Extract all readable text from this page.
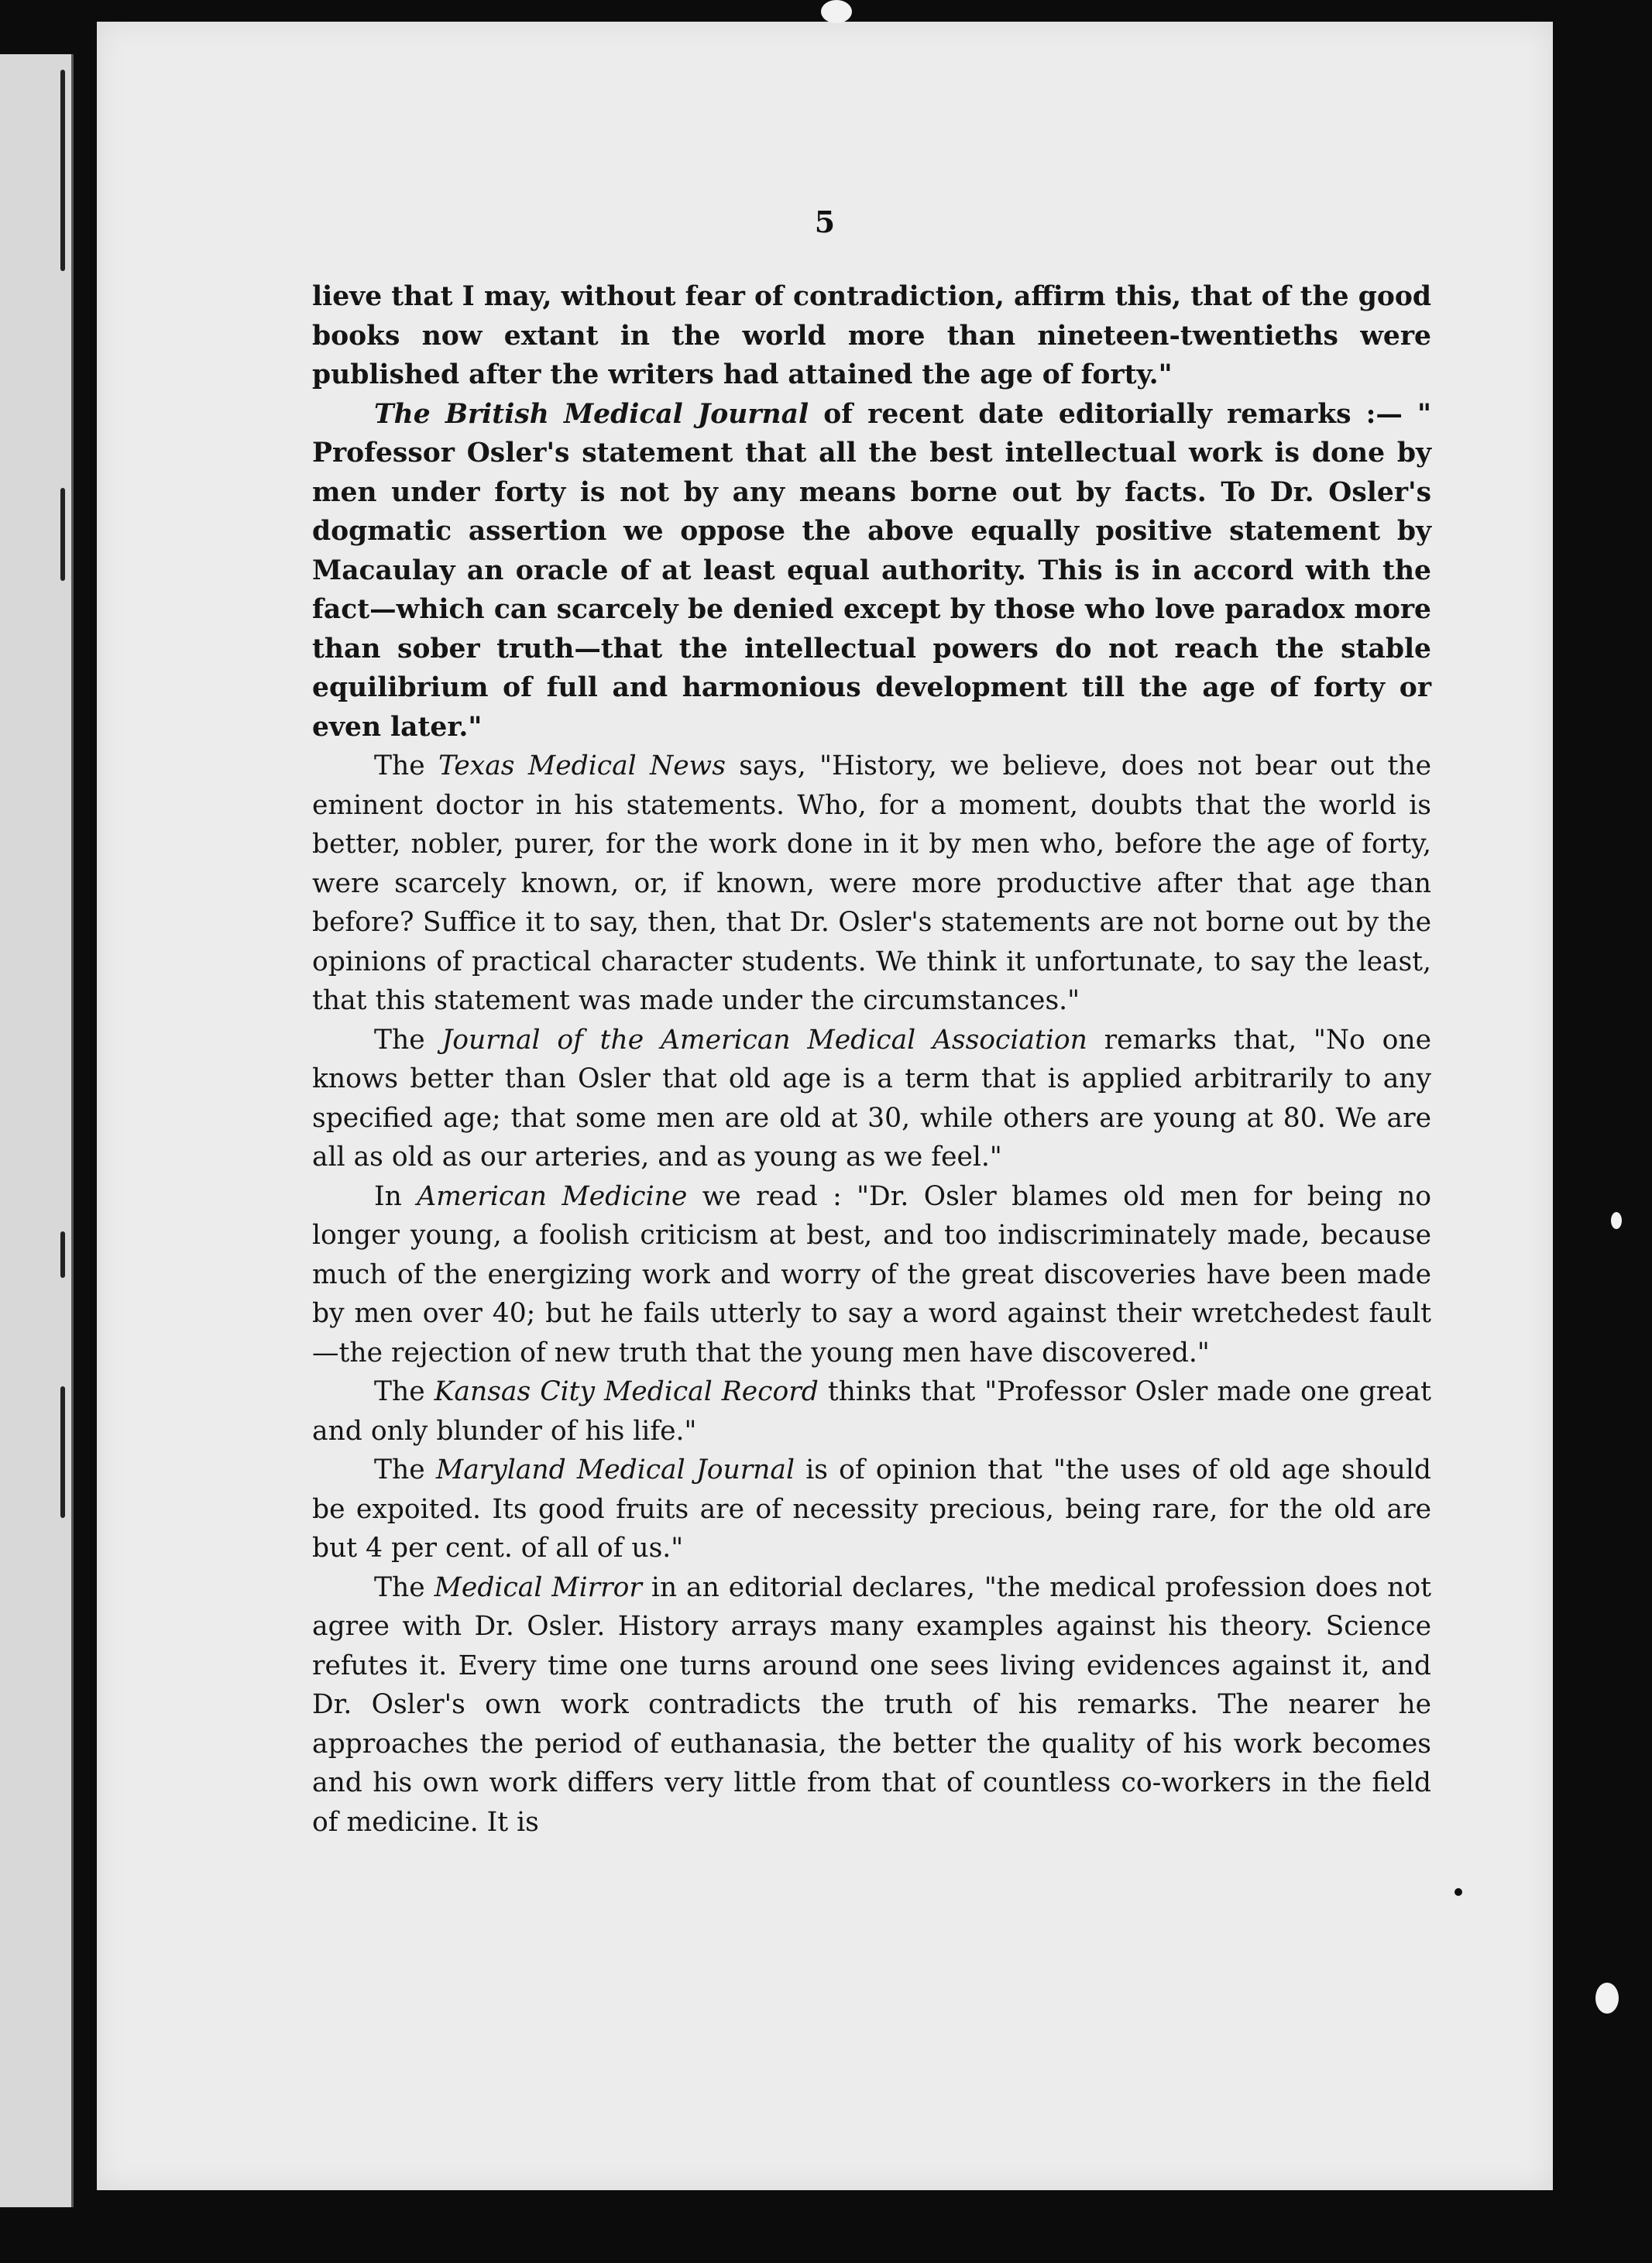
5

lieve that I may, without fear of contradiction, affirm this, that of the good books now extant in the world more than nineteen-twentieths were published after the writers had attained the age of forty."

The British Medical Journal of recent date editorially remarks :— " Professor Osler's statement that all the best intellectual work is done by men under forty is not by any means borne out by facts. To Dr. Osler's dogmatic assertion we oppose the above equally positive statement by Macaulay an oracle of at least equal authority. This is in accord with the fact—which can scarcely be denied except by those who love paradox more than sober truth—that the intellectual powers do not reach the stable equilibrium of full and harmonious development till the age of forty or even later."

The Texas Medical News says, "History, we believe, does not bear out the eminent doctor in his statements. Who, for a moment, doubts that the world is better, nobler, purer, for the work done in it by men who, before the age of forty, were scarcely known, or, if known, were more productive after that age than before? Suffice it to say, then, that Dr. Osler's statements are not borne out by the opinions of practical character students. We think it unfortunate, to say the least, that this statement was made under the circumstances."

The Journal of the American Medical Association remarks that, "No one knows better than Osler that old age is a term that is applied arbitrarily to any specified age; that some men are old at 30, while others are young at 80. We are all as old as our arteries, and as young as we feel."

In American Medicine we read : "Dr. Osler blames old men for being no longer young, a foolish criticism at best, and too indiscriminately made, because much of the energizing work and worry of the great discoveries have been made by men over 40; but he fails utterly to say a word against their wretchedest fault—the rejection of new truth that the young men have discovered."

The Kansas City Medical Record thinks that "Professor Osler made one great and only blunder of his life."

The Maryland Medical Journal is of opinion that "the uses of old age should be expoited. Its good fruits are of necessity precious, being rare, for the old are but 4 per cent. of all of us."

The Medical Mirror in an editorial declares, "the medical profession does not agree with Dr. Osler. History arrays many examples against his theory. Science refutes it. Every time one turns around one sees living evidences against it, and Dr. Osler's own work contradicts the truth of his remarks. The nearer he approaches the period of euthanasia, the better the quality of his work becomes and his own work differs very little from that of countless co-workers in the field of medicine. It is
